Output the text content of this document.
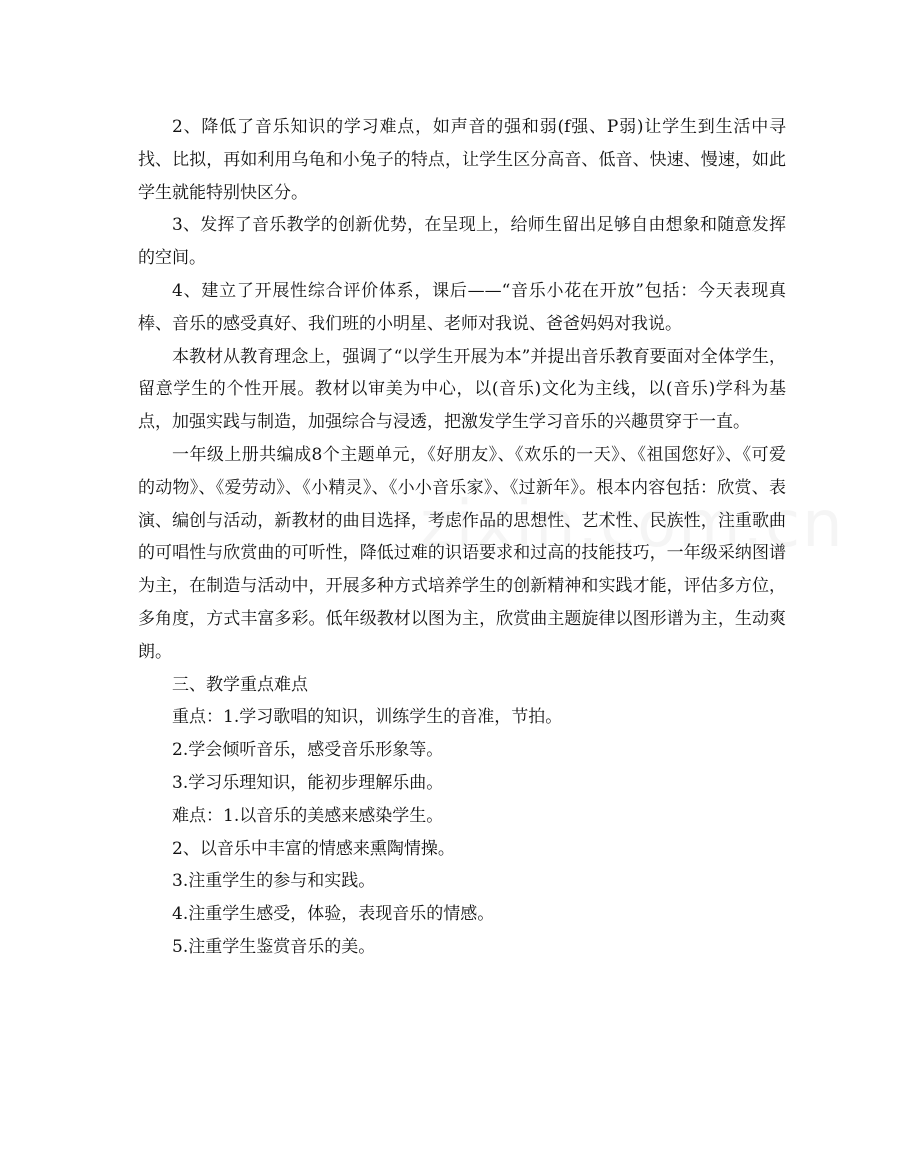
2、降低了音乐知识的学习难点，如声音的强和弱(f强、P弱)让学生到生活中寻找、比拟，再如利用乌龟和小兔子的特点，让学生区分高音、低音、快速、慢速，如此学生就能特别快区分。

3、发挥了音乐教学的创新优势，在呈现上，给师生留出足够自由想象和随意发挥的空间。

4、建立了开展性综合评价体系，课后——“音乐小花在开放”包括：今天表现真棒、音乐的感受真好、我们班的小明星、老师对我说、爸爸妈妈对我说。

本教材从教育理念上，强调了“以学生开展为本”并提出音乐教育要面对全体学生，留意学生的个性开展。教材以审美为中心，以(音乐)文化为主线，以(音乐)学科为基点，加强实践与制造，加强综合与浸透，把激发学生学习音乐的兴趣贯穿于一直。

一年级上册共编成8个主题单元，《好朋友》、《欢乐的一天》、《祖国您好》、《可爱的动物》、《爱劳动》、《小精灵》、《小小音乐家》、《过新年》。根本内容包括：欣赏、表演、编创与活动，新教材的曲目选择，考虑作品的思想性、艺术性、民族性，注重歌曲的可唱性与欣赏曲的可听性，降低过难的识语要求和过高的技能技巧，一年级采纳图谱为主，在制造与活动中，开展多种方式培养学生的创新精神和实践才能，评估多方位，多角度，方式丰富多彩。低年级教材以图为主，欣赏曲主题旋律以图形谱为主，生动爽朗。

三、教学重点难点

重点：1.学习歌唱的知识，训练学生的音准，节拍。

2.学会倾听音乐，感受音乐形象等。

3.学习乐理知识，能初步理解乐曲。

难点：1.以音乐的美感来感染学生。

2、以音乐中丰富的情感来熏陶情操。

3.注重学生的参与和实践。

4.注重学生感受，体验，表现音乐的情感。

5.注重学生鉴赏音乐的美。
